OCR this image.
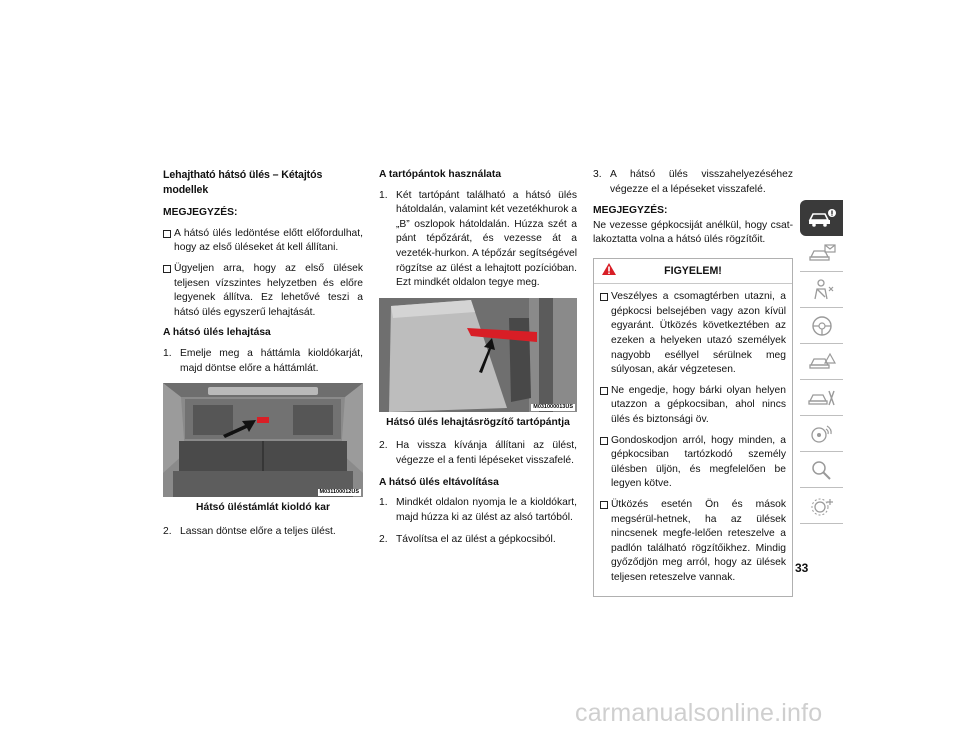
Lehajtható hátsó ülés – Kétajtós modellek
MEGJEGYZÉS:
A hátsó ülés ledöntése előtt előfordulhat, hogy az első üléseket át kell állítani.
Ügyeljen arra, hogy az első ülések teljesen vízszintes helyzetben és előre legyenek állítva. Ez lehetővé teszi a hátsó ülés egyszerű lehajtását.
A hátsó ülés lehajtása
1. Emelje meg a háttámla kioldókarját, majd döntse előre a háttámlát.
M031100012US
Hátsó üléstámlát kioldó kar
2. Lassan döntse előre a teljes ülést.
A tartópántok használata
1. Két tartópánt található a hátsó ülés hátoldalán, valamint két vezetékhurok a „B” oszlopok hátoldalán. Húzza szét a pánt tépőzárát, és vezesse át a vezeték-hurkon. A tépőzár segítségével rögzítse az ülést a lehajtott pozícióban. Ezt mindkét oldalon tegye meg.
M031000013US
Hátsó ülés lehajtásrögzítő tartópántja
2. Ha vissza kívánja állítani az ülést, végezze el a fenti lépéseket visszafelé.
A hátsó ülés eltávolítása
1. Mindkét oldalon nyomja le a kioldókart, majd húzza ki az ülést az alsó tartóból.
2. Távolítsa el az ülést a gépkocsiból.
3. A hátsó ülés visszahelyezéséhez végezze el a lépéseket visszafelé.
MEGJEGYZÉS:

Ne vezesse gépkocsiját anélkül, hogy csat-lakoztatta volna a hátsó ülés rögzítőit.

FIGYELEM!
Veszélyes a csomagtérben utazni, a gépkocsi belsejében vagy azon kívül egyaránt. Ütközés következtében az ezeken a helyeken utazó személyek nagyobb eséllyel sérülnek meg súlyosan, akár végzetesen.
Ne engedje, hogy bárki olyan helyen utazzon a gépkocsiban, ahol nincs ülés és biztonsági öv.
Gondoskodjon arról, hogy minden, a gépkocsiban tartózkodó személy ülésben üljön, és megfelelően be legyen kötve.
Ütközés esetén Ön és mások megsérül-hetnek, ha az ülések nincsenek megfe-lelően reteszelve a padlón található rögzítőikhez. Mindig győződjön meg arról, hogy az ülések teljesen reteszelve vannak.
33
carmanualsonline.info
